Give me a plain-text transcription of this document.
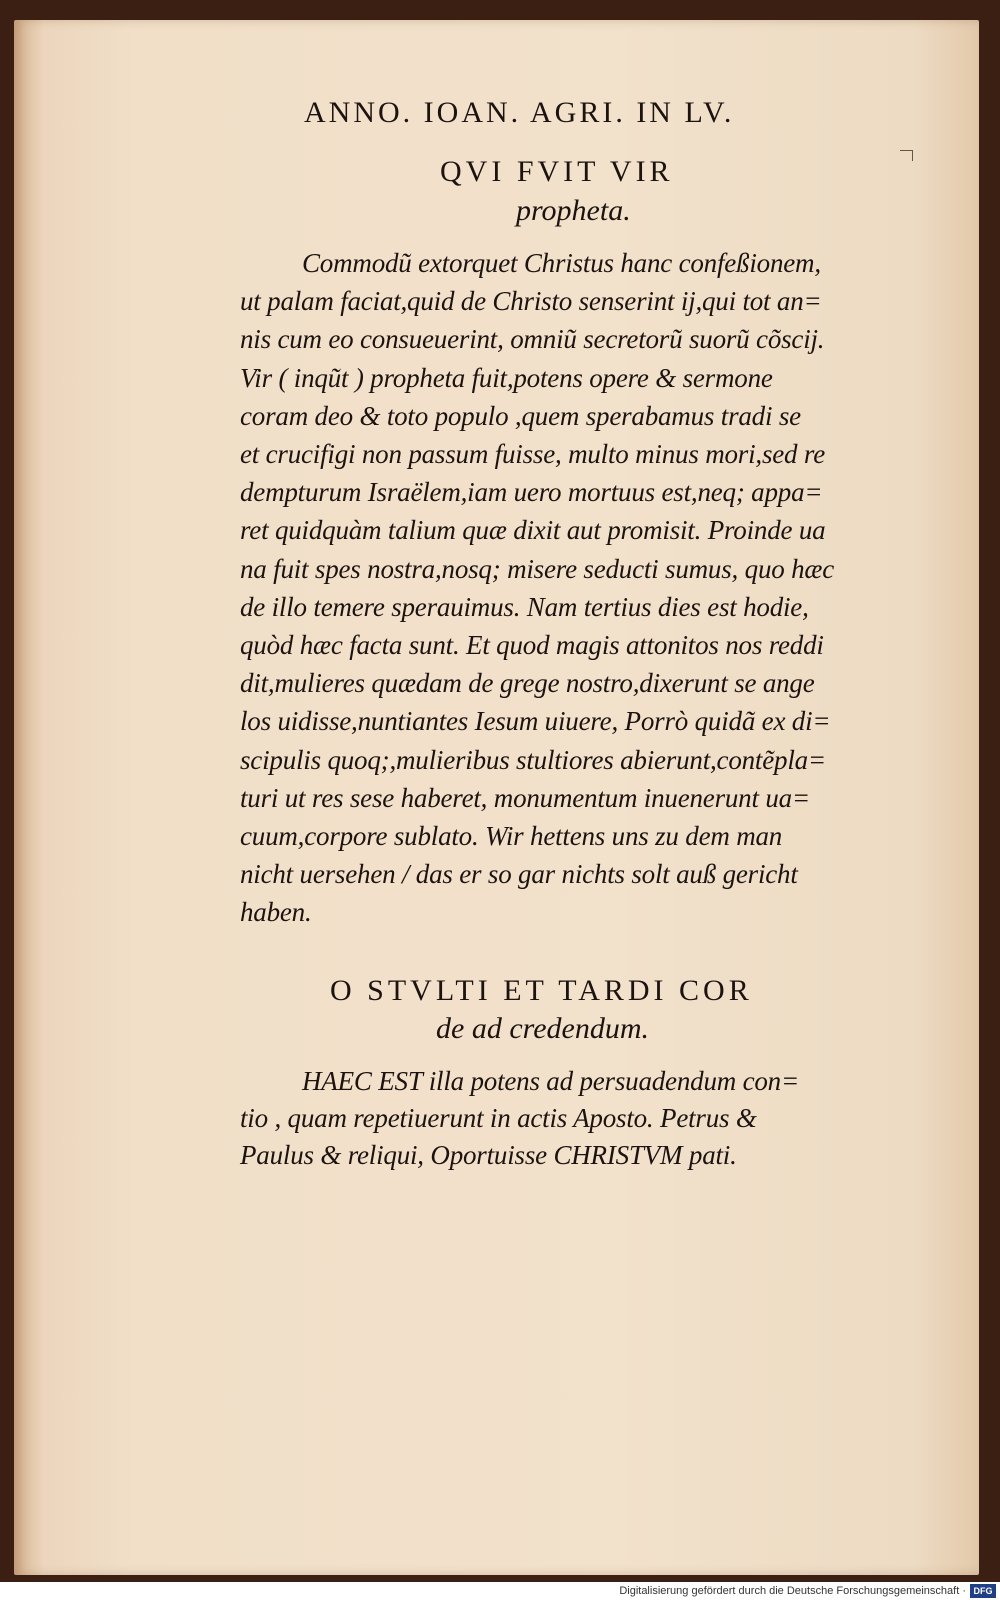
ANNO. IOAN. AGRI. IN LV.
QVI FVIT VIR
propheta.
Commodũ extorquet Christus hanc confeßionem,
ut palam faciat,quid de Christo senserint ij,qui tot an=
nis cum eo consueuerint, omniũ secretorũ suorũ cõscij.
Vir ( inqũt ) propheta fuit,potens opere & sermone
coram deo & toto populo ,quem sperabamus tradi se
et crucifigi non passum fuisse, multo minus mori,sed re
dempturum Israëlem,iam uero mortuus est,neq; appa=
ret quidquàm talium quæ dixit aut promisit. Proinde ua
na fuit spes nostra,nosq; misere seducti sumus, quo hæc
de illo temere sperauimus. Nam tertius dies est hodie,
quòd hæc facta sunt. Et quod magis attonitos nos reddi
dit,mulieres quædam de grege nostro,dixerunt se ange
los uidisse,nuntiantes Iesum uiuere, Porrò quidã ex di=
scipulis quoq;,mulieribus stultiores abierunt,contẽpla=
turi ut res sese haberet, monumentum inuenerunt ua=
cuum,corpore sublato. Wir hettens uns zu dem man
nicht uersehen / das er so gar nichts solt auß gericht
haben.
O STVLTI ET TARDI COR
de ad credendum.
HAEC EST illa potens ad persuadendum con=
tio , quam repetiuerunt in actis Aposto. Petrus &
Paulus & reliqui, Oportuisse CHRISTVM pati.
Digitalisierung gefördert durch die Deutsche Forschungsgemeinschaft · DFG
